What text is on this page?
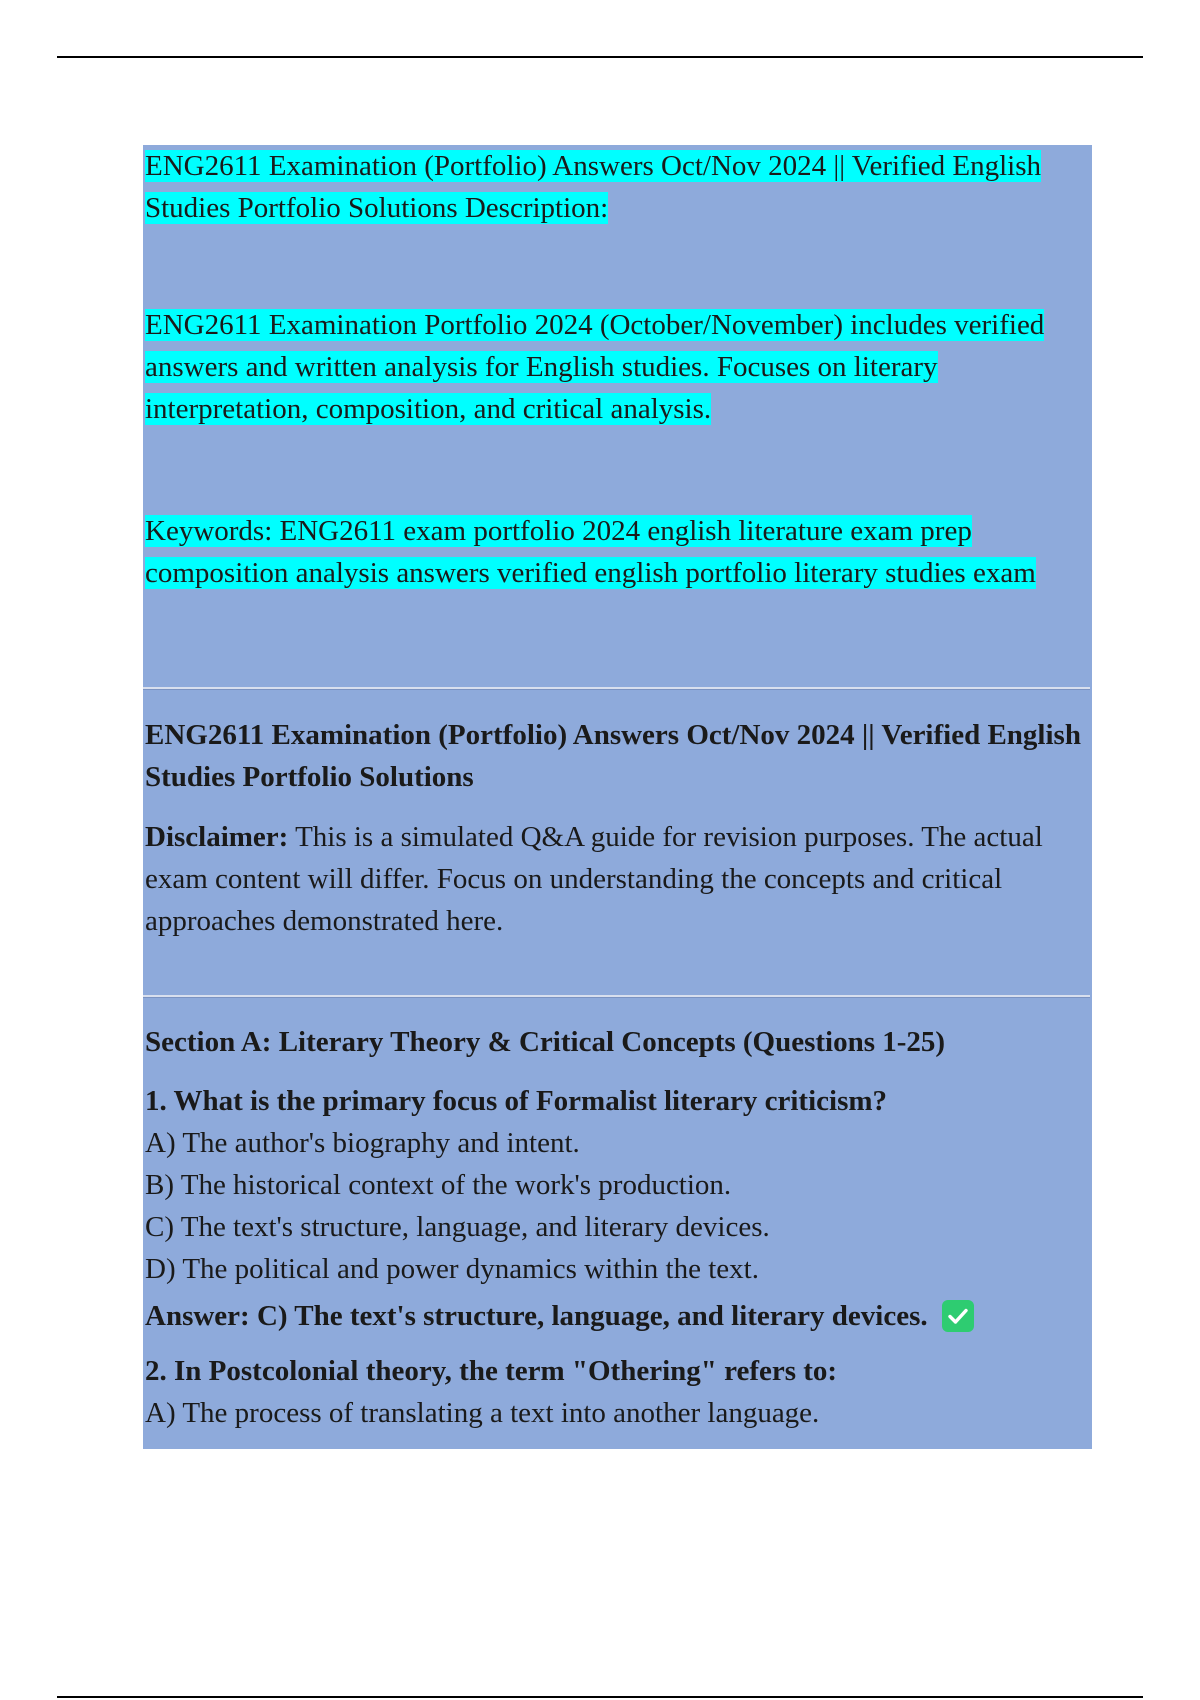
ENG2611 Examination (Portfolio) Answers Oct/Nov 2024 || Verified English Studies Portfolio Solutions Description:

ENG2611 Examination Portfolio 2024 (October/November) includes verified answers and written analysis for English studies. Focuses on literary interpretation, composition, and critical analysis.

Keywords: ENG2611 exam portfolio 2024 english literature exam prep composition analysis answers verified english portfolio literary studies exam

ENG2611 Examination (Portfolio) Answers Oct/Nov 2024 || Verified English Studies Portfolio Solutions

Disclaimer: This is a simulated Q&A guide for revision purposes. The actual exam content will differ. Focus on understanding the concepts and critical approaches demonstrated here.

Section A: Literary Theory & Critical Concepts (Questions 1-25)

1. What is the primary focus of Formalist literary criticism?

A) The author's biography and intent.

B) The historical context of the work's production.

C) The text's structure, language, and literary devices.

D) The political and power dynamics within the text.

Answer: C) The text's structure, language, and literary devices.

2. In Postcolonial theory, the term "Othering" refers to:

A) The process of translating a text into another language.
